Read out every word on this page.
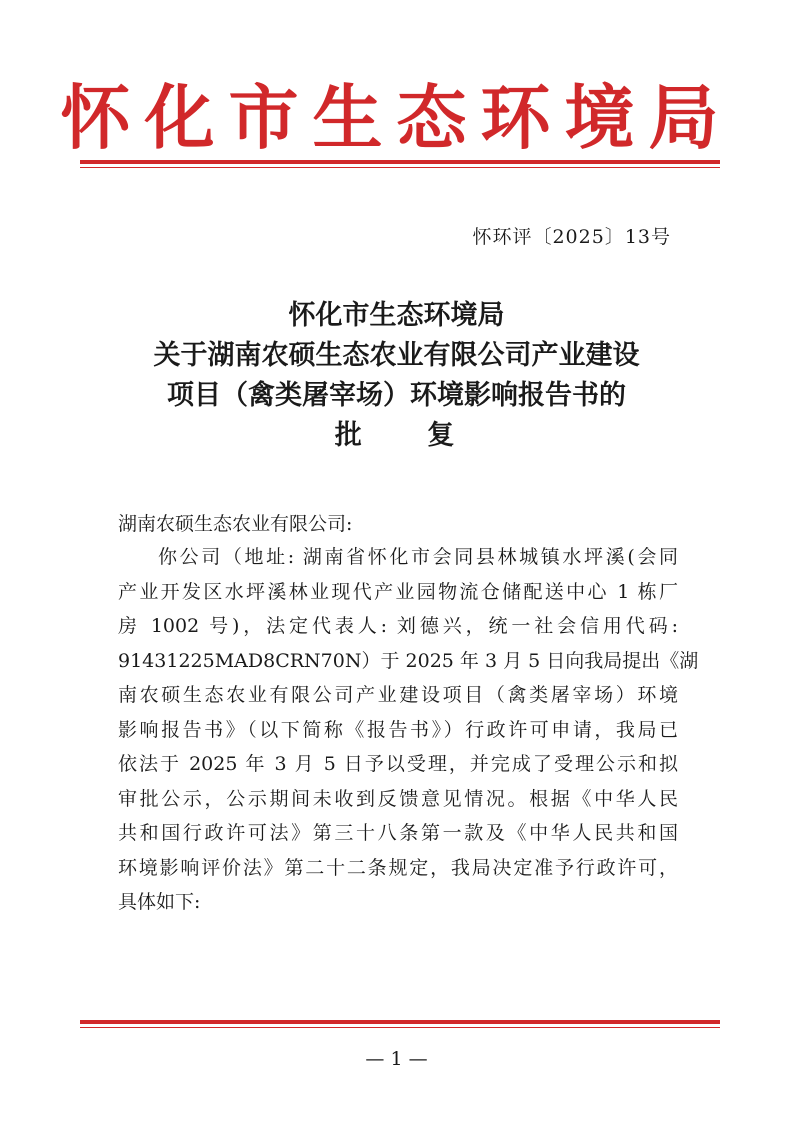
怀化市生态环境局
怀环评〔2025〕13号
怀化市生态环境局
关于湖南农硕生态农业有限公司产业建设
项目（禽类屠宰场）环境影响报告书的
批 复
湖南农硕生态农业有限公司:
你公司（地址: 湖南省怀化市会同县林城镇水坪溪(会同
产业开发区水坪溪林业现代产业园物流仓储配送中心 1 栋厂
房 1002 号)，法定代表人: 刘德兴，统一社会信用代码:
91431225MAD8CRN70N）于 2025 年 3 月 5 日向我局提出《湖
南农硕生态农业有限公司产业建设项目（禽类屠宰场）环境
影响报告书》（以下简称《报告书》）行政许可申请，我局已
依法于 2025 年 3 月 5 日予以受理，并完成了受理公示和拟
审批公示，公示期间未收到反馈意见情况。根据《中华人民
共和国行政许可法》第三十八条第一款及《中华人民共和国
环境影响评价法》第二十二条规定，我局决定准予行政许可，
具体如下:
— 1 —
